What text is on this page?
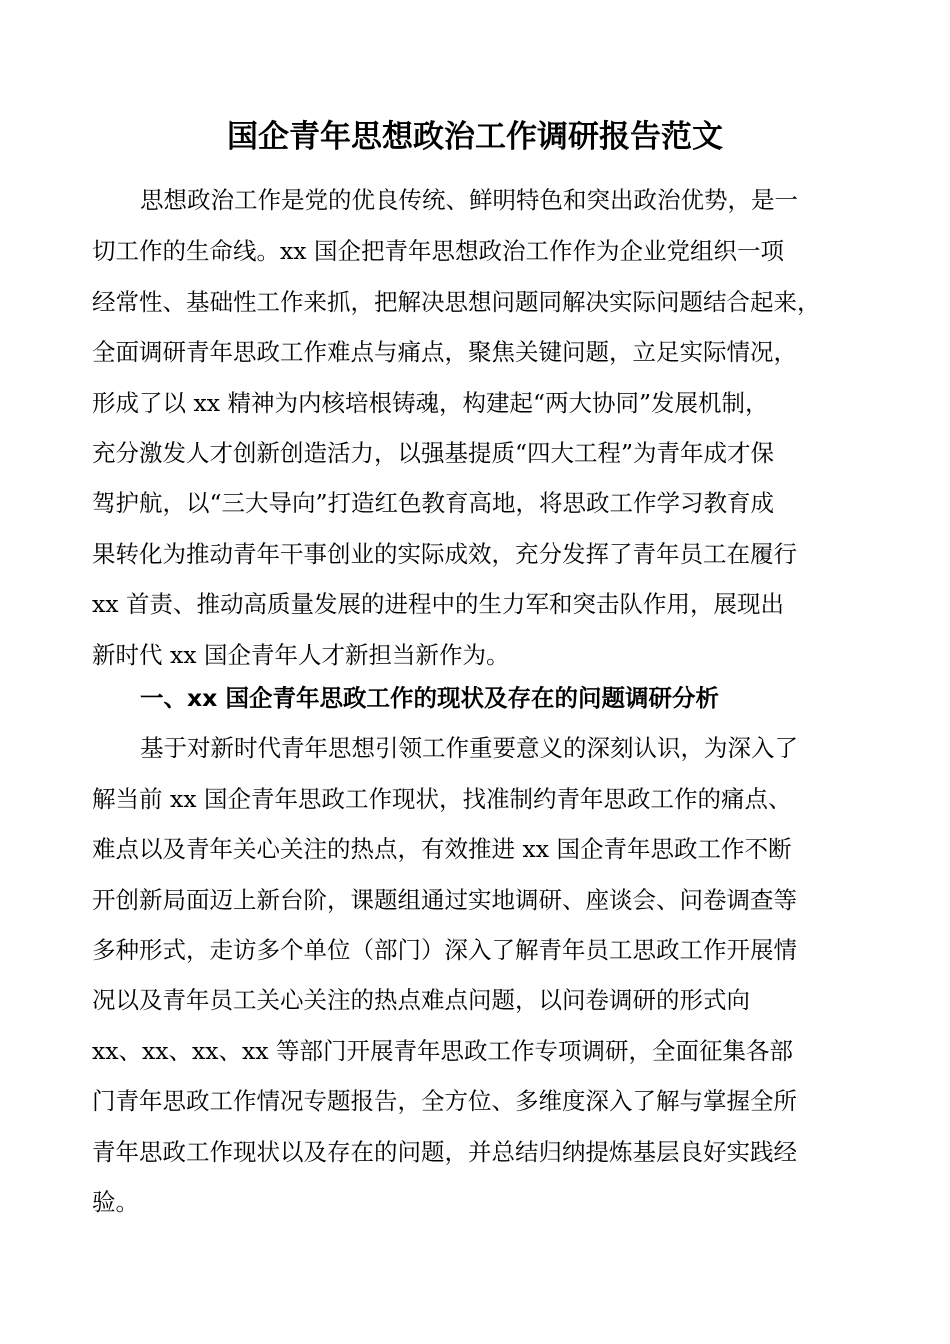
国企青年思想政治工作调研报告范文
思想政治工作是党的优良传统、鲜明特色和突出政治优势，是一
切工作的生命线。xx 国企把青年思想政治工作作为企业党组织一项
经常性、基础性工作来抓，把解决思想问题同解决实际问题结合起来，
全面调研青年思政工作难点与痛点，聚焦关键问题，立足实际情况，
形成了以 xx 精神为内核培根铸魂，构建起“两大协同”发展机制，
充分激发人才创新创造活力，以强基提质“四大工程”为青年成才保
驾护航，以“三大导向”打造红色教育高地，将思政工作学习教育成
果转化为推动青年干事创业的实际成效，充分发挥了青年员工在履行
xx 首责、推动高质量发展的进程中的生力军和突击队作用，展现出
新时代 xx 国企青年人才新担当新作为。
一、xx 国企青年思政工作的现状及存在的问题调研分析
基于对新时代青年思想引领工作重要意义的深刻认识，为深入了
解当前 xx 国企青年思政工作现状，找准制约青年思政工作的痛点、
难点以及青年关心关注的热点，有效推进 xx 国企青年思政工作不断
开创新局面迈上新台阶，课题组通过实地调研、座谈会、问卷调查等
多种形式，走访多个单位（部门）深入了解青年员工思政工作开展情
况以及青年员工关心关注的热点难点问题，以问卷调研的形式向
xx、xx、xx、xx 等部门开展青年思政工作专项调研，全面征集各部
门青年思政工作情况专题报告，全方位、多维度深入了解与掌握全所
青年思政工作现状以及存在的问题，并总结归纳提炼基层良好实践经
验。
